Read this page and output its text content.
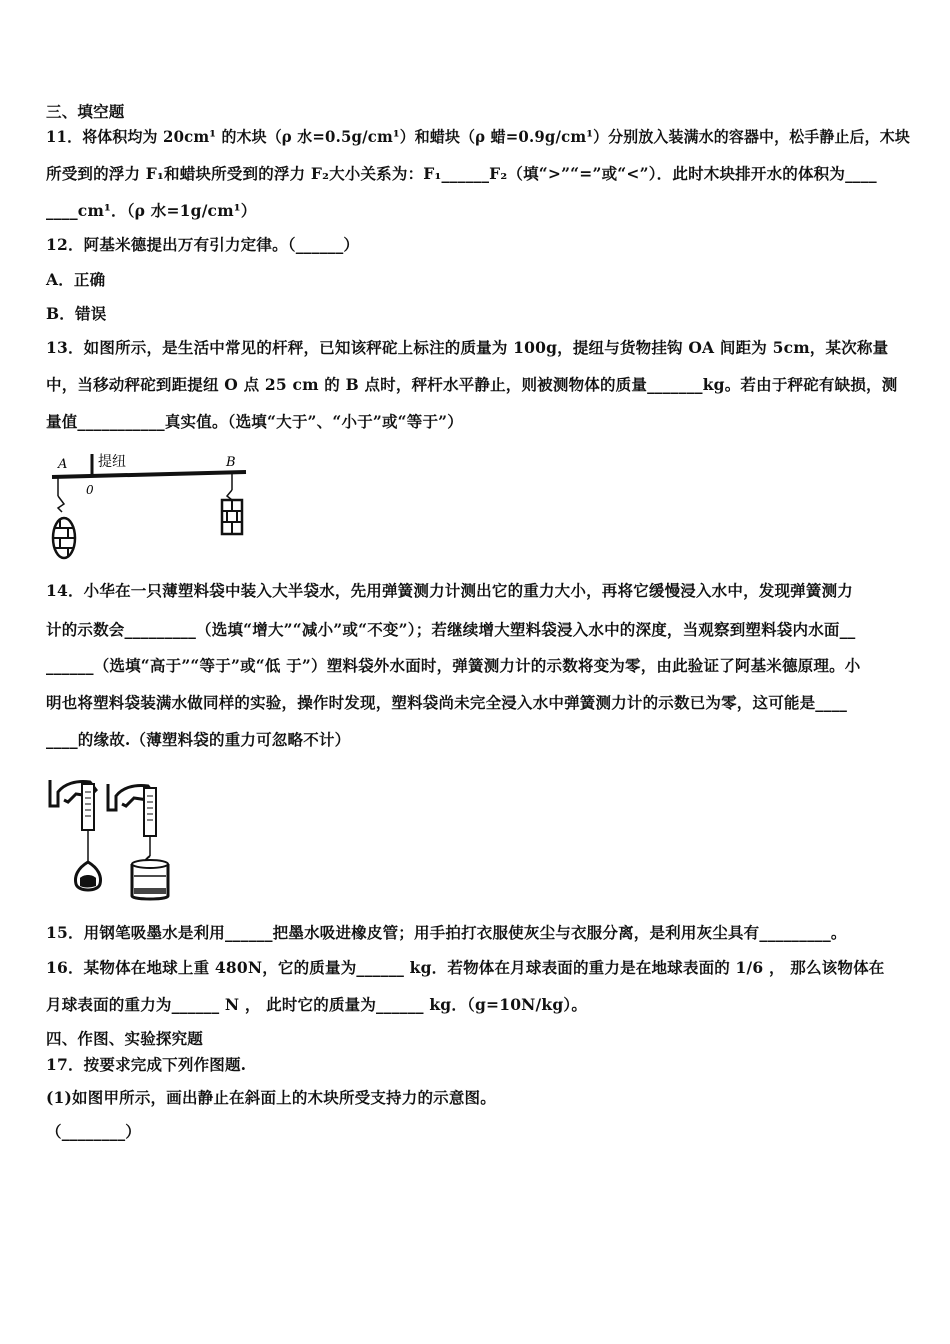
三、填空题
11．将体积均为 20cm¹ 的木块（ρ 水=0.5g/cm¹）和蜡块（ρ 蜡=0.9g/cm¹）分别放入装满水的容器中，松手静止后，木块
所受到的浮力 F₁和蜡块所受到的浮力 F₂大小关系为：F₁______F₂（填“>”“=”或“<”）．此时木块排开水的体积为____
____cm¹．（ρ 水=1g/cm¹）
12．阿基米德提出万有引力定律。（______）
A．正确
B．错误
13．如图所示，是生活中常见的杆秤，已知该秤砣上标注的质量为 100g，提纽与货物挂钩 OA 间距为 5cm，某次称量
中，当移动秤砣到距提纽 O 点 25 cm 的 B 点时，秤杆水平静止，则被测物体的质量_______kg。若由于秤砣有缺损，测
量值___________真实值。（选填“大于”、“小于”或“等于”）
A 提纽	B
0
14．小华在一只薄塑料袋中装入大半袋水，先用弹簧测力计测出它的重力大小，再将它缓慢浸入水中，发现弹簧测力
计的示数会_________（选填“增大”“减小”或“不变”）；若继续增大塑料袋浸入水中的深度，当观察到塑料袋内水面__
______（选填“高于”“等于”或“低 于”）塑料袋外水面时，弹簧测力计的示数将变为零，由此验证了阿基米德原理。小
明也将塑料袋装满水做同样的实验，操作时发现，塑料袋尚未完全浸入水中弹簧测力计的示数已为零，这可能是____
____的缘故.（薄塑料袋的重力可忽略不计）
15．用钢笔吸墨水是利用______把墨水吸进橡皮管；用手拍打衣服使灰尘与衣服分离，是利用灰尘具有_________。
16．某物体在地球上重 480N，它的质量为______ kg．若物体在月球表面的重力是在地球表面的 1/6 ， 那么该物体在
月球表面的重力为______ N ， 此时它的质量为______ kg．（g=10N/kg）。
四、作图、实验探究题
17．按要求完成下列作图题.
(1)如图甲所示，画出静止在斜面上的木块所受支持力的示意图。
（________）
